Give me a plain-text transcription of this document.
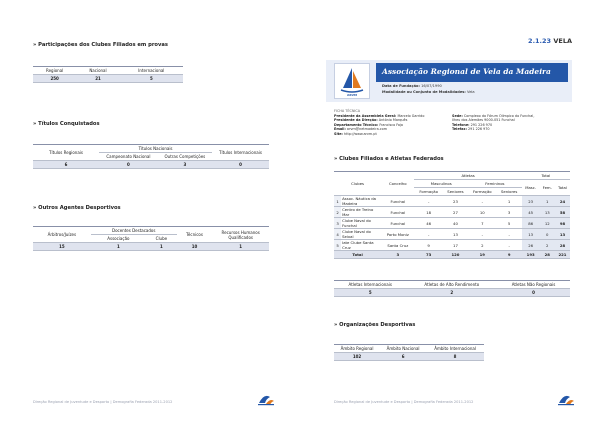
» Participações dos Clubes Filiados em provas
Regional	Nacional	Internacional
250	21	5
» Títulos Conquistados
Títulos Regionais	Títulos Nacionais		Títulos Internacionais
	Campeonato Nacional	Outras Competições	
6	0	3	0
» Outros Agentes Desportivos
Árbitros/Juízes	Docentes Destacados		Técnicos	Recursos Humanos Qualificados
	Associação	Clube		
15	1	1	10	1
Direção Regional de Juventude e Desporto | Demografia Federada 2011-2012
2.1.23 VELA
ARVM
Associação Regional de Vela da Madeira
Data de Fundação: 16/07/1990
Modalidade ou Conjunto de Modalidades: Vela
FICHA TÉCNICA
Presidente da Assembleia Geral: Marcelo Garrido
Presidente da Direção: António Marquês
Departamento Técnico: Francisco Faja
Email: arvm@netmadeira.com
Site: http://www.arvm.pt
Sede: Complexo do Fórum Olímpico do Funchal,
Ilheu dos Alemães 9000-051 Funchal
Telefone: 291 226 970
Telefax: 291 226 970
» Clubes Filiados e Atletas Federados
Clubes		Concelho	Atletas				Total		
			Masculinos		Femininos		Masc.	Fem.	Total
			Formação	Seniores	Formação	Seniores			
1	Assoc. Náutica da Madeira	Funchal	-	23	-	1	23	1	24
2	Centro de Treino Mar	Funchal	18	27	10	3	45	13	58
3	Clube Naval do Funchal	Funchal	46	40	7	5	86	12	98
4	Clube Naval do Seixal	Porto Moniz	-	13	-	-	13	0	13
5	Iate Clube Santa Cruz	Santa Cruz	9	17	2	-	26	2	28
Total		3	73	120	19	9	193	28	221
Atletas Internacionais	Atletas de Alto Rendimento	Atletas Não Regionais
5	2	0
» Organizações Desportivas
Âmbito Regional	Âmbito Nacional	Âmbito Internacional
102	6	8
Direção Regional de Juventude e Desporto | Demografia Federada 2011-2012
